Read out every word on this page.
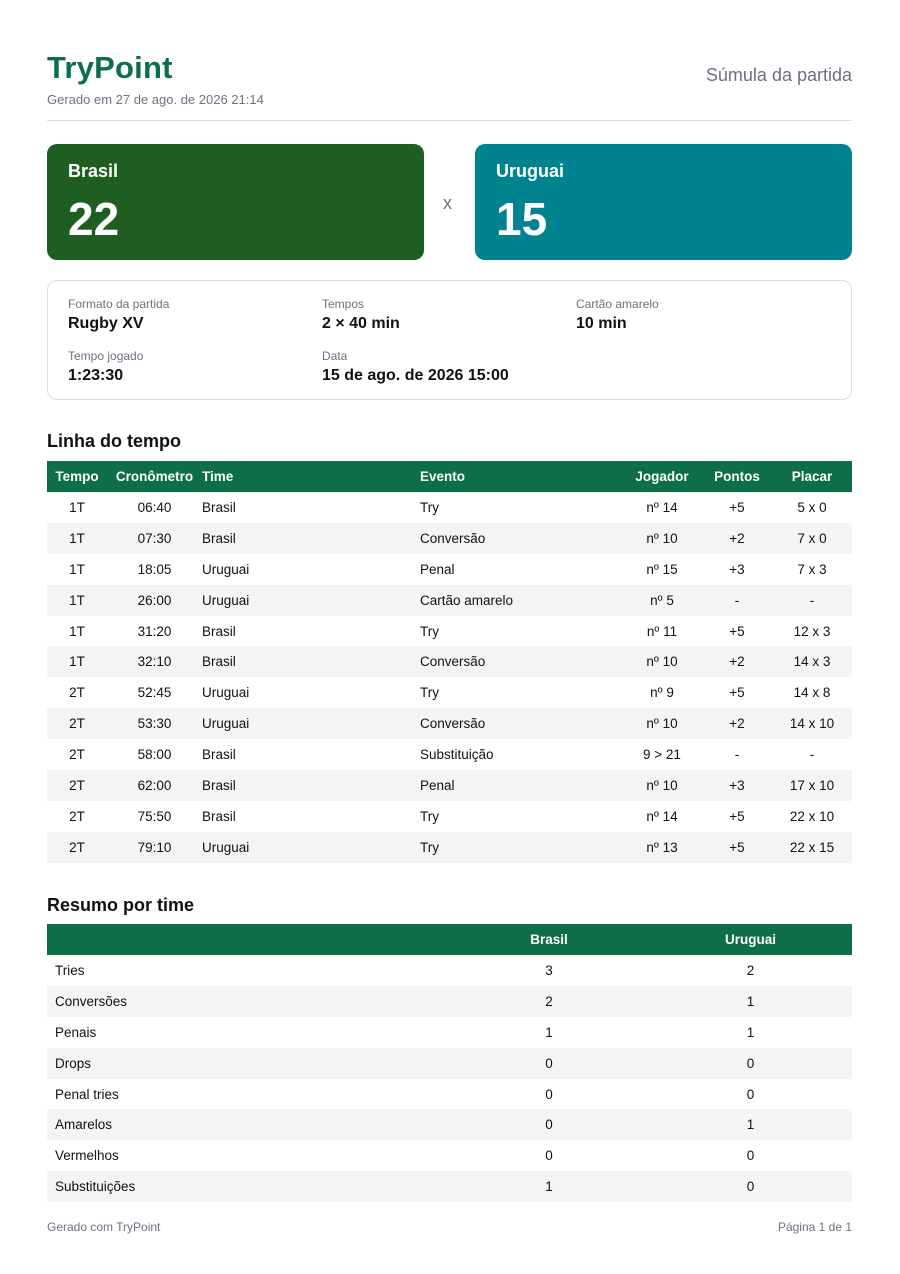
TryPoint
Gerado em 27 de ago. de 2026 21:14
Súmula da partida
Brasil
22	x
Uruguai
15
Formato da partida
Rugby XV
Tempos
2 × 40 min
Cartão amarelo
10 min
Tempo jogado
1:23:30
Data
15 de ago. de 2026 15:00
Linha do tempo
Tempo	Cronômetro	Time	Evento	Jogador	Pontos	Placar
1T	06:40	Brasil	Try	nº 14	+5	5 x 0
1T	07:30	Brasil	Conversão	nº 10	+2	7 x 0
1T	18:05	Uruguai	Penal	nº 15	+3	7 x 3
1T	26:00	Uruguai	Cartão amarelo	nº 5	-	-
1T	31:20	Brasil	Try	nº 11	+5	12 x 3
1T	32:10	Brasil	Conversão	nº 10	+2	14 x 3
2T	52:45	Uruguai	Try	nº 9	+5	14 x 8
2T	53:30	Uruguai	Conversão	nº 10	+2	14 x 10
2T	58:00	Brasil	Substituição	9 > 21	-	-
2T	62:00	Brasil	Penal	nº 10	+3	17 x 10
2T	75:50	Brasil	Try	nº 14	+5	22 x 10
2T	79:10	Uruguai	Try	nº 13	+5	22 x 15
Resumo por time
	Brasil	Uruguai
Tries	3	2
Conversões	2	1
Penais	1	1
Drops	0	0
Penal tries	0	0
Amarelos	0	1
Vermelhos	0	0
Substituições	1	0
Gerado com TryPoint	Página 1 de 1
